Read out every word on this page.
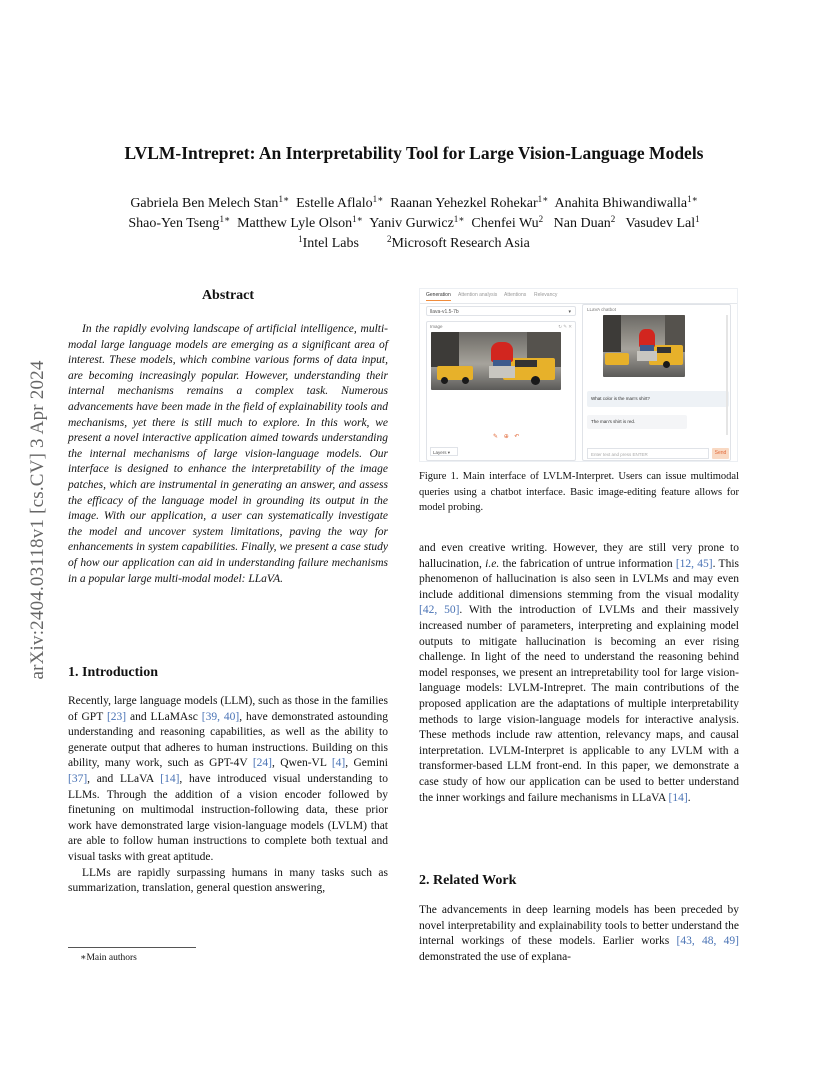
LVLM-Intrepret: An Interpretability Tool for Large Vision-Language Models
Gabriela Ben Melech Stan$^{1∗}$ Estelle Aflalo$^{1∗}$ Raanan Yehezkel Rohekar$^{1∗}$ Anahita Bhiwandiwalla$^{1∗}$
Shao-Yen Tseng$^{1∗}$ Matthew Lyle Olson$^{1∗}$ Yaniv Gurwicz$^{1∗}$ Chenfei Wu$^2$ Nan Duan$^2$ Vasudev Lal$^1$
$^1$Intel Labs	$^2$Microsoft Research Asia
arXiv:2404.03118v1 [cs.CV] 3 Apr 2024
Abstract
In the rapidly evolving landscape of artificial intelligence, multi-modal large language models are emerging as a significant area of interest. These models, which combine various forms of data input, are becoming increasingly popular. However, understanding their internal mechanisms remains a complex task. Numerous advancements have been made in the field of explainability tools and mechanisms, yet there is still much to explore. In this work, we present a novel interactive application aimed towards understanding the internal mechanisms of large vision-language models. Our interface is designed to enhance the interpretability of the image patches, which are instrumental in generating an answer, and assess the efficacy of the language model in grounding its output in the image. With our application, a user can systematically investigate the model and uncover system limitations, paving the way for enhancements in system capabilities. Finally, we present a case study of how our application can aid in understanding failure mechanisms in a popular large multi-modal model: LLaVA.
1. Introduction

Recently, large language models (LLM), such as those in the families of GPT [23] and LLaMAsc [39, 40], have demonstrated astounding understanding and reasoning capabilities, as well as the ability to generate output that adheres to human instructions. Building on this ability, many work, such as GPT-4V [24], Qwen-VL [4], Gemini [37], and LLaVA [14], have introduced visual understanding to LLMs. Through the addition of a vision encoder followed by finetuning on multimodal instruction-following data, these prior work have demonstrated large vision-language models (LVLM) that are able to follow human instructions to complete both textual and visual tasks with great aptitude.

LLMs are rapidly surpassing humans in many tasks such as summarization, translation, general question answering,

∗Main authors
Generation Attention analysis Attentions Relevancy
llava-v1.5-7b	▾
Image	↻ ✎ ✕
✎ ⊕ ↶
Layers ▾
LLaVA chatbot
What color is the man's shirt?
The man's shirt is red.
Enter text and press ENTER	Send
Figure 1. Main interface of LVLM-Interpret. Users can issue multimodal queries using a chatbot interface. Basic image-editing feature allows for model probing.

and even creative writing. However, they are still very prone to hallucination, i.e. the fabrication of untrue information [12, 45]. This phenomenon of hallucination is also seen in LVLMs and may even include additional dimensions stemming from the visual modality [42, 50]. With the introduction of LVLMs and their massively increased number of parameters, interpreting and explaining model outputs to mitigate hallucination is becoming an ever rising challenge. In light of the need to understand the reasoning behind model responses, we present an intrepretability tool for large vision-language models: LVLM-Intrepret. The main contributions of the proposed application are the adaptations of multiple interpretability methods to large vision-language models for interactive analysis. These methods include raw attention, relevancy maps, and causal interpretation. LVLM-Interpret is applicable to any LVLM with a transformer-based LLM front-end. In this paper, we demonstrate a case study of how our application can be used to better understand the inner workings and failure mechanisms in LLaVA [14].

2. Related Work

The advancements in deep learning models has been preceded by novel interpretability and explainability tools to better understand the internal workings of these models. Earlier works [43, 48, 49] demonstrated the use of explana-
